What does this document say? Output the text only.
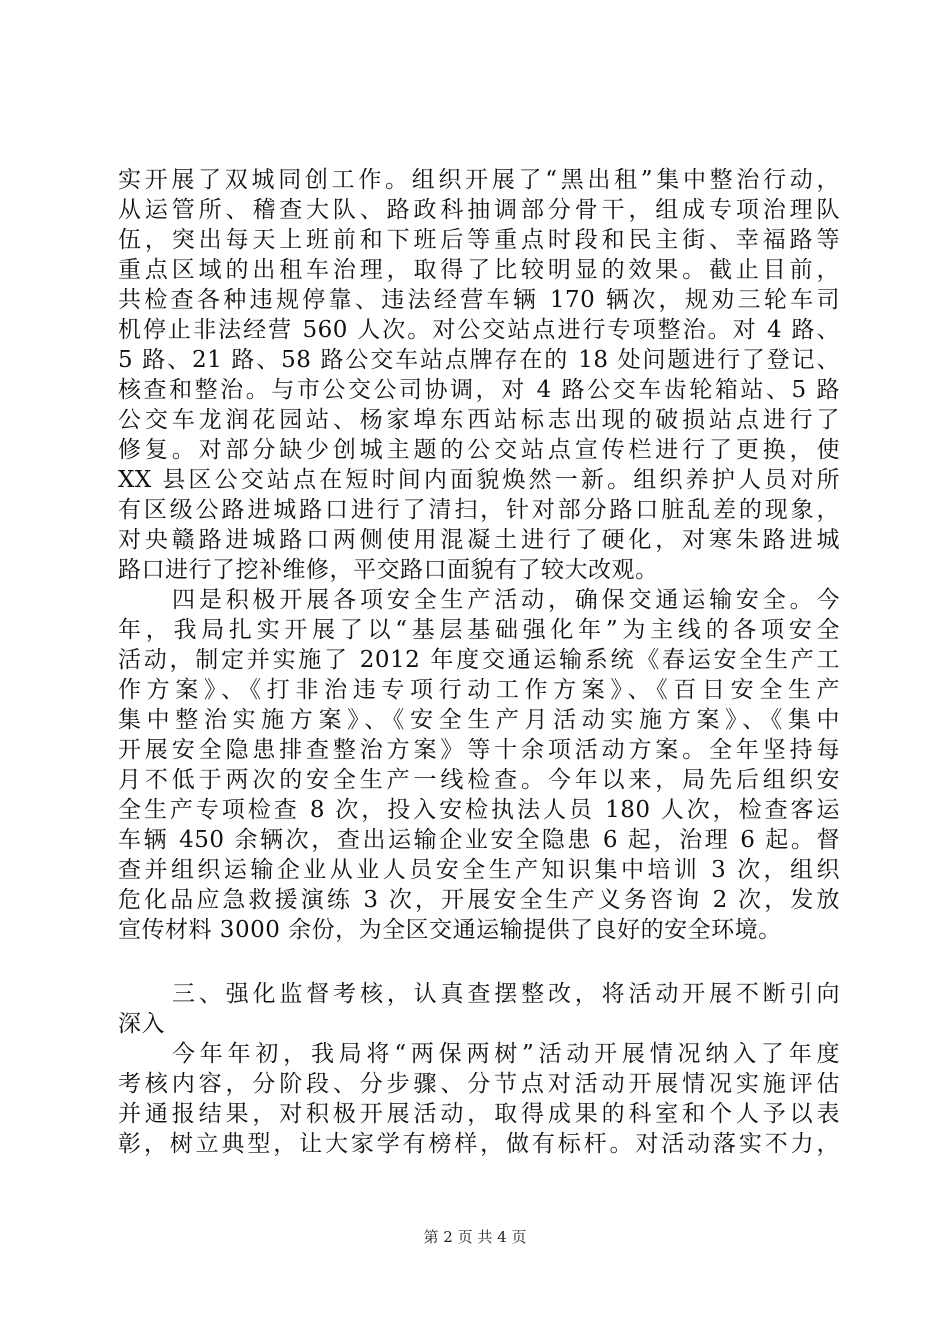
实开展了双城同创工作。组织开展了“黑出租”集中整治行动，
从运管所、稽查大队、路政科抽调部分骨干，组成专项治理队
伍，突出每天上班前和下班后等重点时段和民主街、幸福路等
重点区域的出租车治理，取得了比较明显的效果。截止目前，
共检查各种违规停靠、违法经营车辆 170 辆次，规劝三轮车司
机停止非法经营 560 人次。对公交站点进行专项整治。对 4 路、
5 路、21 路、58 路公交车站点牌存在的 18 处问题进行了登记、
核查和整治。与市公交公司协调，对 4 路公交车齿轮箱站、5 路
公交车龙润花园站、杨家埠东西站标志出现的破损站点进行了
修复。对部分缺少创城主题的公交站点宣传栏进行了更换，使
XX 县区公交站点在短时间内面貌焕然一新。组织养护人员对所
有区级公路进城路口进行了清扫，针对部分路口脏乱差的现象，
对央赣路进城路口两侧使用混凝土进行了硬化，对寒朱路进城
路口进行了挖补维修，平交路口面貌有了较大改观。
四是积极开展各项安全生产活动，确保交通运输安全。今
年，我局扎实开展了以“基层基础强化年”为主线的各项安全
活动，制定并实施了 2012 年度交通运输系统《春运安全生产工
作方案》、《打非治违专项行动工作方案》、《百日安全生产
集中整治实施方案》、《安全生产月活动实施方案》、《集中
开展安全隐患排查整治方案》等十余项活动方案。全年坚持每
月不低于两次的安全生产一线检查。今年以来，局先后组织安
全生产专项检查 8 次，投入安检执法人员 180 人次，检查客运
车辆 450 余辆次，查出运输企业安全隐患 6 起，治理 6 起。督
查并组织运输企业从业人员安全生产知识集中培训 3 次，组织
危化品应急救援演练 3 次，开展安全生产义务咨询 2 次，发放
宣传材料 3000 余份，为全区交通运输提供了良好的安全环境。
三、强化监督考核，认真查摆整改，将活动开展不断引向
深入
今年年初，我局将“两保两树”活动开展情况纳入了年度
考核内容，分阶段、分步骤、分节点对活动开展情况实施评估
并通报结果，对积极开展活动，取得成果的科室和个人予以表
彰，树立典型，让大家学有榜样，做有标杆。对活动落实不力，
第 2 页 共 4 页
